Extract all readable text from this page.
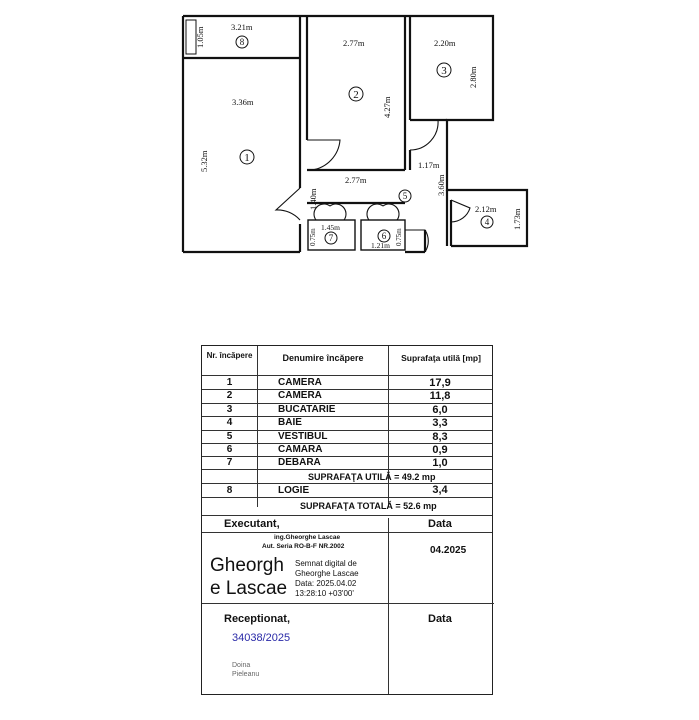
8
1
2
3
5
4
6
7
3.21m
1.05m
3.36m
5.32m
2.77m
4.27m
2.20m
2.80m
2.77m
1.40m
1.17m
3.60m
2.12m 1.73m
1.45m
0.75m	1.21m 0.75m
Nr. încăpere	Denumire încăpere	Suprafaţa utilă [mp]
1	CAMERA	17,9
2	CAMERA	11,8
3	BUCATARIE	6,0
4	BAIE	3,3
5	VESTIBUL	8,3
6	CAMARA	0,9
7	DEBARA	1,0
SUPRAFAŢA UTILĂ = 49.2 mp
8	LOGIE	3,4
SUPRAFAŢA TOTALĂ = 52.6 mp
Executant,	Data
ing.Gheorghe Lascae
Aut. Seria RO-B-F NR.2002	04.2025
Gheorgh
e Lascae
Semnat digital de
Gheorghe Lascae
Data: 2025.04.02
13:28:10 +03'00'
Receptionat,	Data
34038/2025
Doina
Pieleanu
